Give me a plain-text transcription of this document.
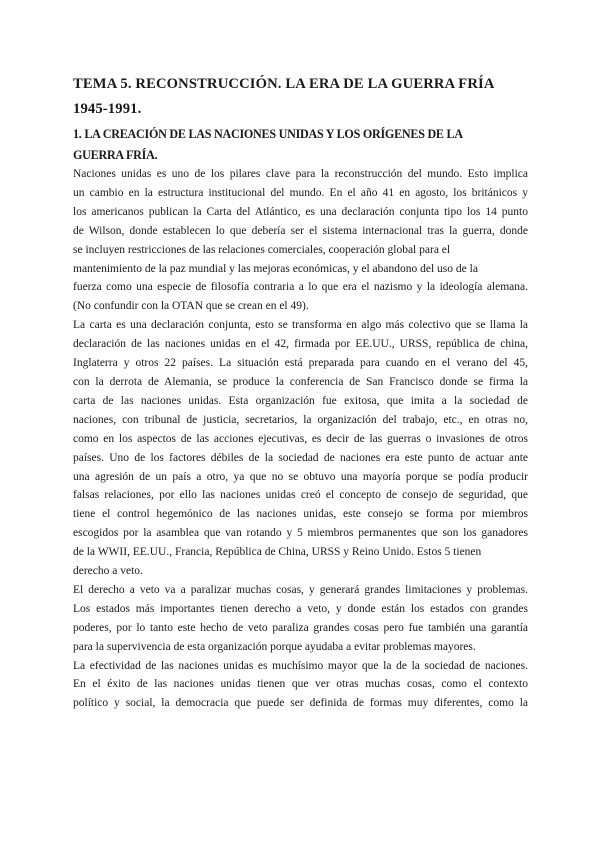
TEMA 5. RECONSTRUCCIÓN. LA ERA DE LA GUERRA FRÍA
1945-1991.
1. LA CREACIÓN DE LAS NACIONES UNIDAS Y LOS ORÍGENES DE LA
GUERRA FRÍA.
Naciones unidas es uno de los pilares clave para la reconstrucción del mundo. Esto implica
un cambio en la estructura institucional del mundo. En el año 41 en agosto, los británicos y
los americanos publican la Carta del Atlántico, es una declaración conjunta tipo los 14 punto
de Wilson, donde establecen lo que debería ser el sistema internacional tras la guerra, donde
se incluyen restricciones de las relaciones comerciales, cooperación global para el
mantenimiento de la paz mundial y las mejoras económicas, y el abandono del uso de la
fuerza como una especie de filosofía contraria a lo que era el nazismo y la ideología alemana.
(No confundir con la OTAN que se crean en el 49).
La carta es una declaración conjunta, esto se transforma en algo más colectivo que se llama la
declaración de las naciones unidas en el 42, firmada por EE.UU., URSS, república de china,
Inglaterra y otros 22 países. La situación está preparada para cuando en el verano del 45,
con la derrota de Alemania, se produce la conferencia de San Francisco donde se firma la
carta de las naciones unidas. Esta organización fue exitosa, que imita a la sociedad de
naciones, con tribunal de justicia, secretarios, la organización del trabajo, etc., en otras no,
como en los aspectos de las acciones ejecutivas, es decir de las guerras o invasiones de otros
países. Uno de los factores débiles de la sociedad de naciones era este punto de actuar ante
una agresión de un país a otro, ya que no se obtuvo una mayoría porque se podía producir
falsas relaciones, por ello las naciones unidas creó el concepto de consejo de seguridad, que
tiene el control hegemónico de las naciones unidas, este consejo se forma por miembros
escogidos por la asamblea que van rotando y 5 miembros permanentes que son los ganadores
de la WWII, EE.UU., Francia, República de China, URSS y Reino Unido. Estos 5 tienen
derecho a veto.
El derecho a veto va a paralizar muchas cosas, y generará grandes limitaciones y problemas.
Los estados más importantes tienen derecho a veto, y donde están los estados con grandes
poderes, por lo tanto este hecho de veto paraliza grandes cosas pero fue también una garantía
para la supervivencia de esta organización porque ayudaba a evitar problemas mayores.
La efectividad de las naciones unidas es muchísimo mayor que la de la sociedad de naciones.
En el éxito de las naciones unidas tienen que ver otras muchas cosas, como el contexto
político y social, la democracia que puede ser definida de formas muy diferentes, como la
